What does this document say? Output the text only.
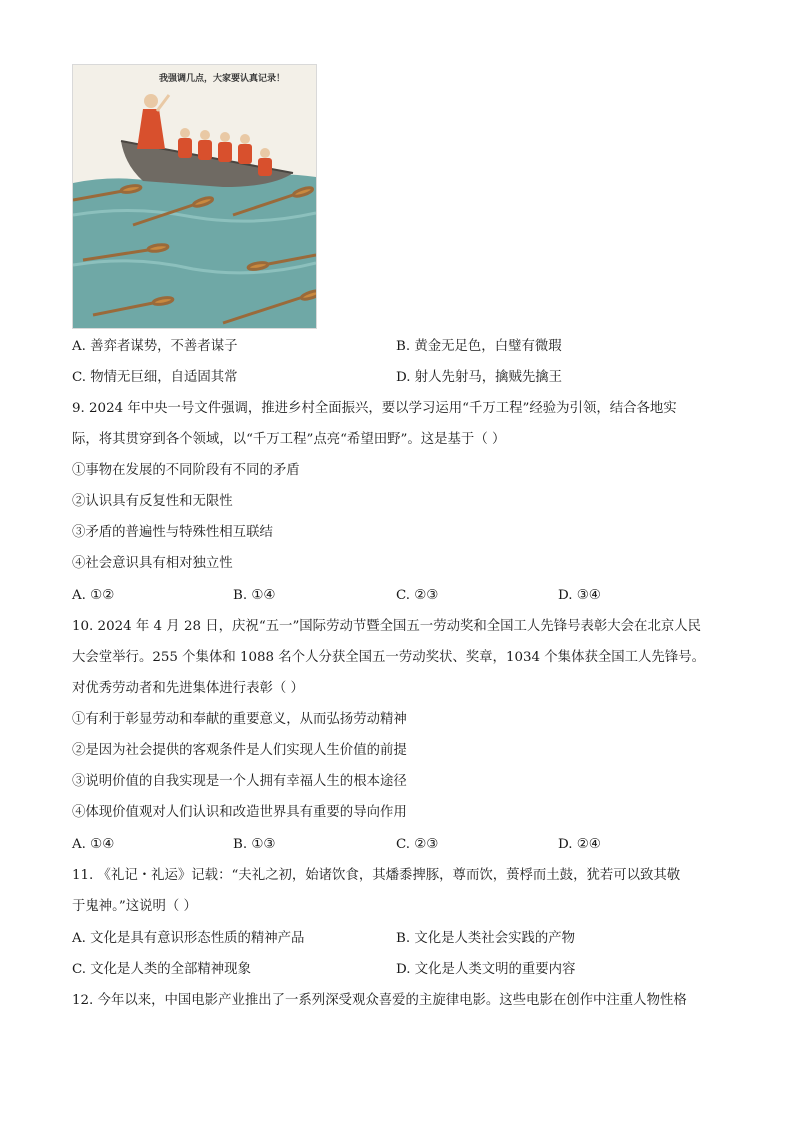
我强调几点，大家要认真记录！
A. 善弈者谋势，不善者谋子	B. 黄金无足色，白璧有微瑕
C. 物情无巨细，自适固其常	D. 射人先射马，擒贼先擒王
9. 2024 年中央一号文件强调，推进乡村全面振兴，要以学习运用“千万工程”经验为引领，结合各地实
际，将其贯穿到各个领域，以“千万工程”点亮“希望田野”。这是基于（ ）
①事物在发展的不同阶段有不同的矛盾
②认识具有反复性和无限性
③矛盾的普遍性与特殊性相互联结
④社会意识具有相对独立性
A. ①②	B. ①④	C. ②③	D. ③④
10. 2024 年 4 月 28 日，庆祝“五一”国际劳动节暨全国五一劳动奖和全国工人先锋号表彰大会在北京人民
大会堂举行。255 个集体和 1088 名个人分获全国五一劳动奖状、奖章，1034 个集体获全国工人先锋号。
对优秀劳动者和先进集体进行表彰（ ）
①有利于彰显劳动和奉献的重要意义，从而弘扬劳动精神
②是因为社会提供的客观条件是人们实现人生价值的前提
③说明价值的自我实现是一个人拥有幸福人生的根本途径
④体现价值观对人们认识和改造世界具有重要的导向作用
A. ①④	B. ①③	C. ②③	D. ②④
11. 《礼记・礼运》记载：“夫礼之初，始诸饮食，其燔黍捭豚，尊而饮，蒉桴而土鼓，犹若可以致其敬
于鬼神。”这说明（ ）
A. 文化是具有意识形态性质的精神产品	B. 文化是人类社会实践的产物
C. 文化是人类的全部精神现象	D. 文化是人类文明的重要内容
12. 今年以来，中国电影产业推出了一系列深受观众喜爱的主旋律电影。这些电影在创作中注重人物性格
